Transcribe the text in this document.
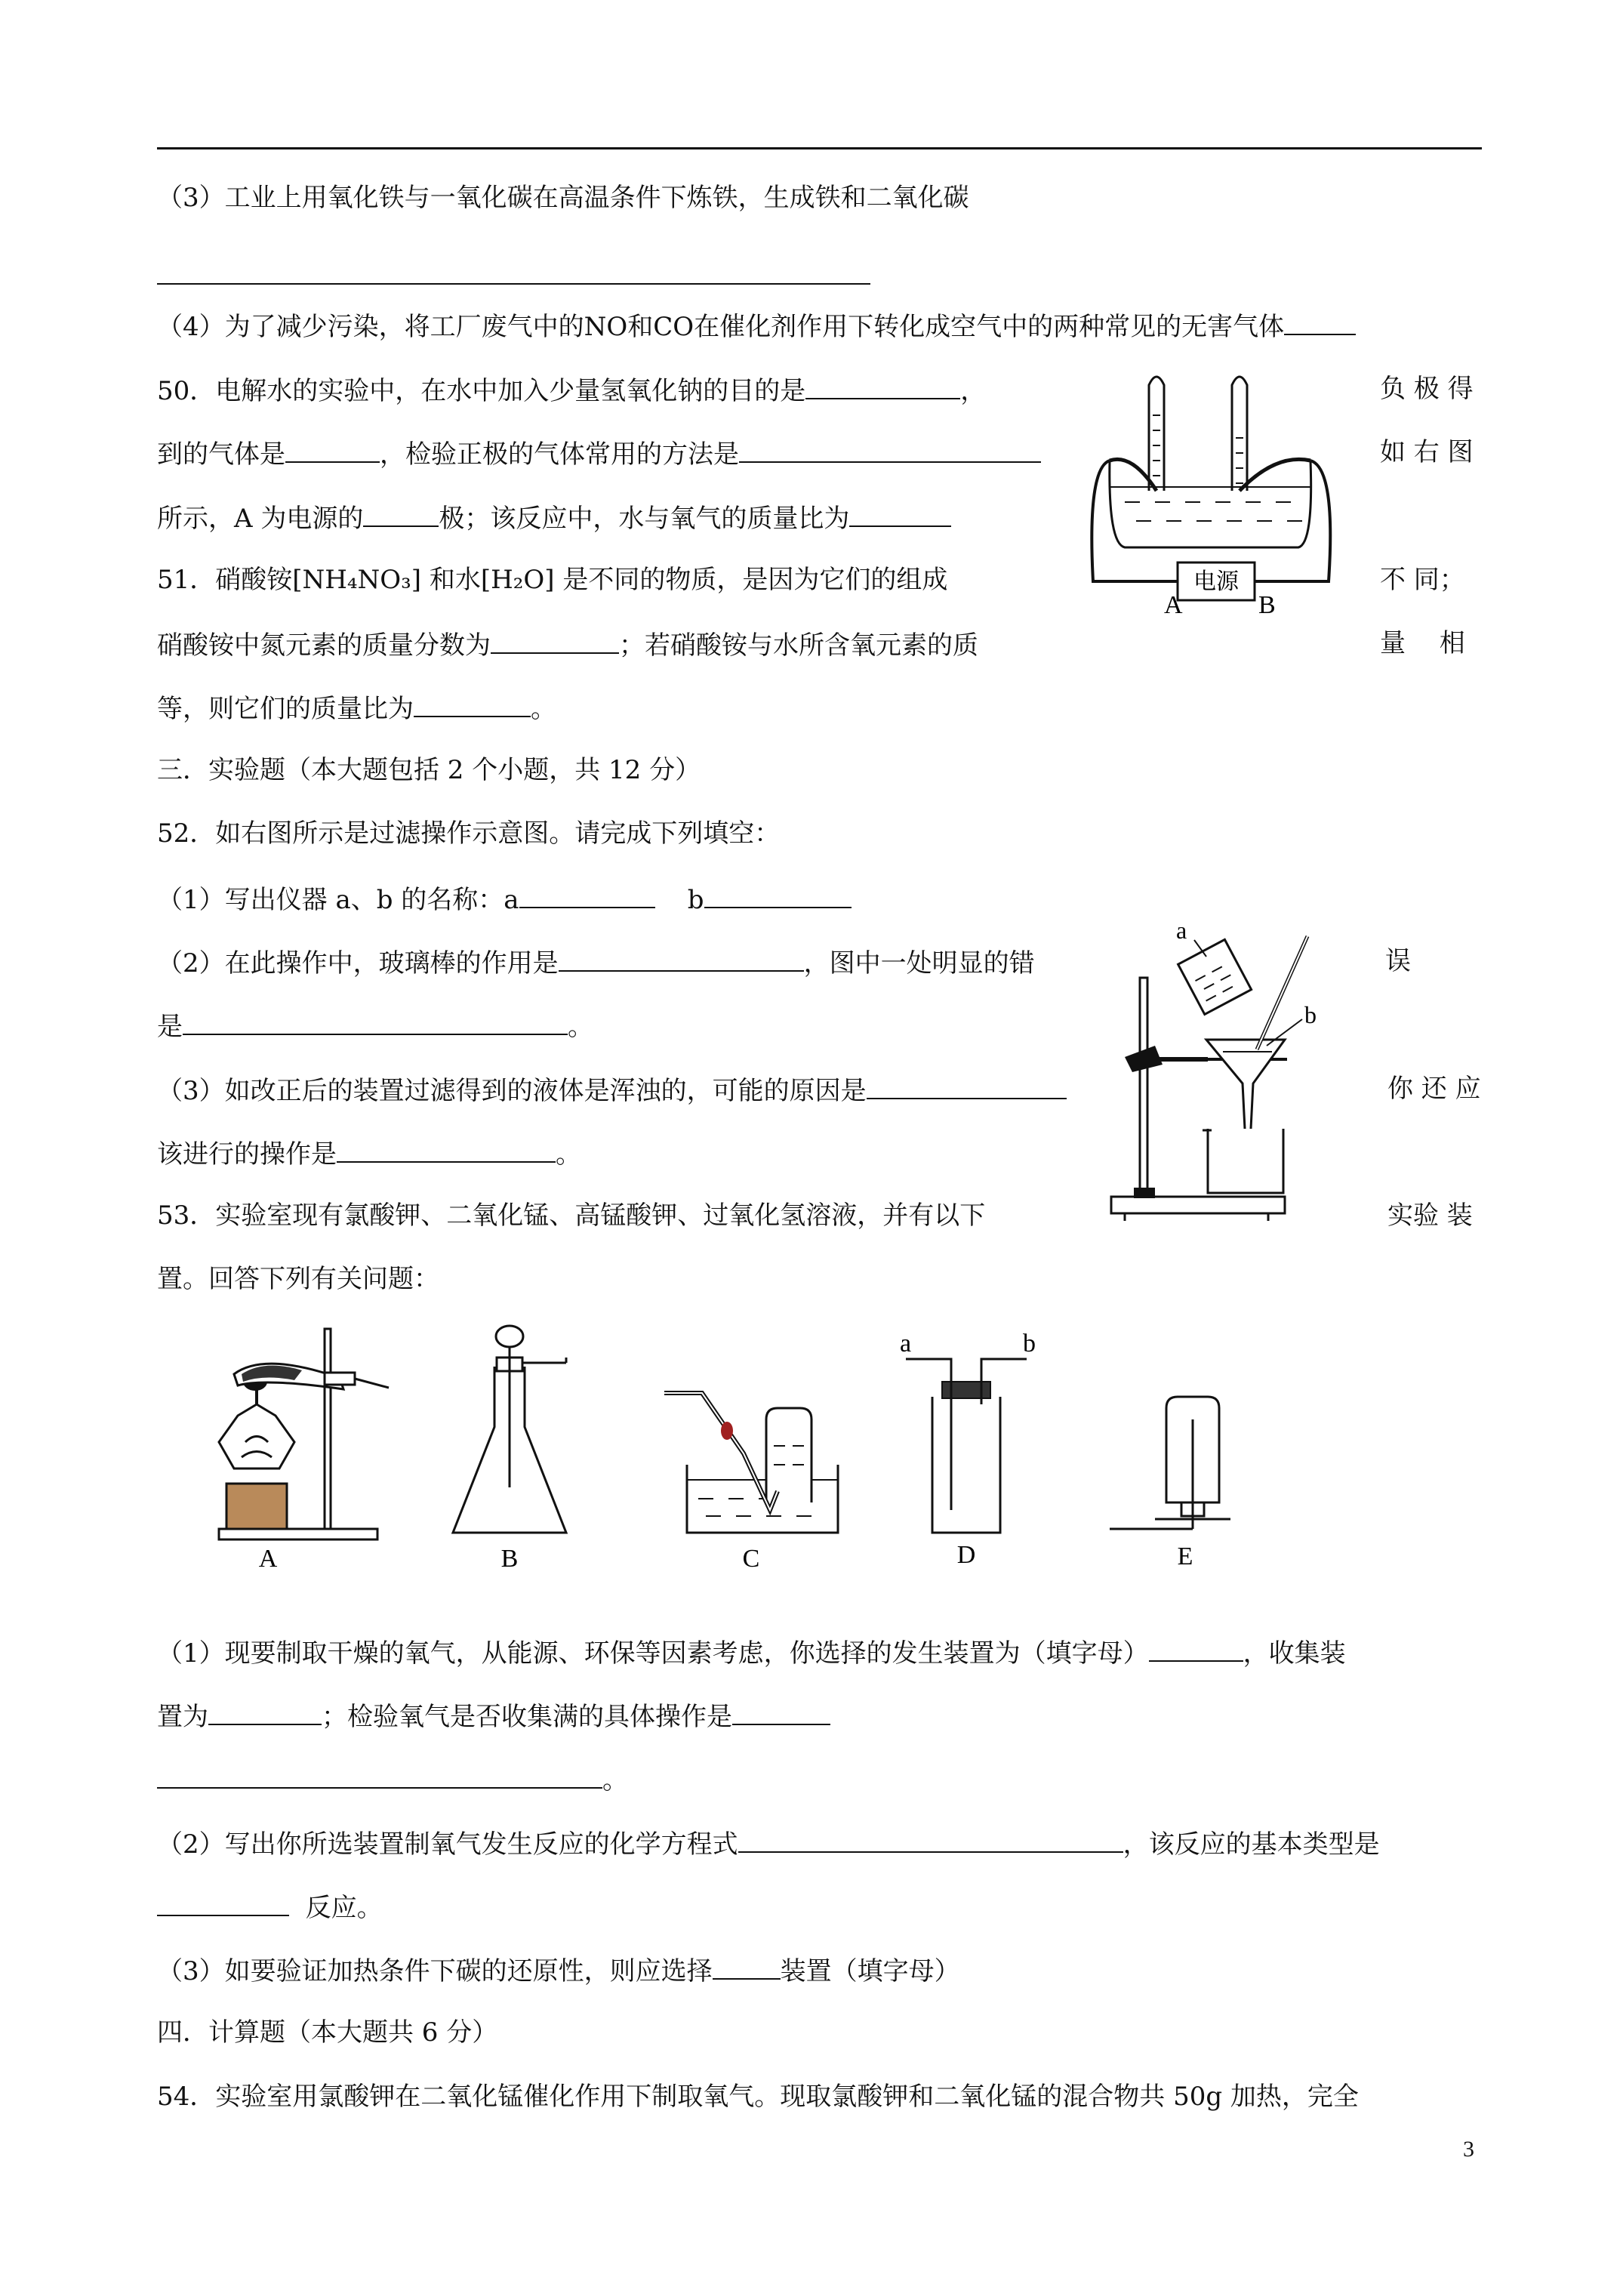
（3）工业上用氧化铁与一氧化碳在高温条件下炼铁，生成铁和二氧化碳
（4）为了减少污染，将工厂废气中的NO和CO在催化剂作用下转化成空气中的两种常见的无害气体
50．电解水的实验中，在水中加入少量氢氧化钠的目的是	，	负 极 得
到的气体是	，检验正极的气体常用的方法是	如 右 图
所示，A 为电源的	极；该反应中，水与氧气的质量比为
电源
A	B
51．硝酸铵[NH₄NO₃] 和水[H₂O] 是不同的物质，是因为它们的组成	不 同；
硝酸铵中氮元素的质量分数为	；若硝酸铵与水所含氧元素的质	量　 相
等，则它们的质量比为	。
三．实验题（本大题包括 2 个小题，共 12 分）
52．如右图所示是过滤操作示意图。请完成下列填空：
（1）写出仪器 a、b 的名称：a	b
（2）在此操作中，玻璃棒的作用是	，图中一处明显的错	误
是	。
（3）如改正后的装置过滤得到的液体是浑浊的，可能的原因是	你 还 应
该进行的操作是	。
a
b
53．实验室现有氯酸钾、二氧化锰、高锰酸钾、过氧化氢溶液，并有以下	实验 装
置。回答下列有关问题：
A	B	C
a	b
D	E
（1）现要制取干燥的氧气，从能源、环保等因素考虑，你选择的发生装置为（填字母）	，收集装
置为	；检验氧气是否收集满的具体操作是
。
（2）写出你所选装置制氧气发生反应的化学方程式	，该反应的基本类型是
反应。
（3）如要验证加热条件下碳的还原性，则应选择	装置（填字母）
四．计算题（本大题共 6 分）
54．实验室用氯酸钾在二氧化锰催化作用下制取氧气。现取氯酸钾和二氧化锰的混合物共 50g 加热，完全
3
